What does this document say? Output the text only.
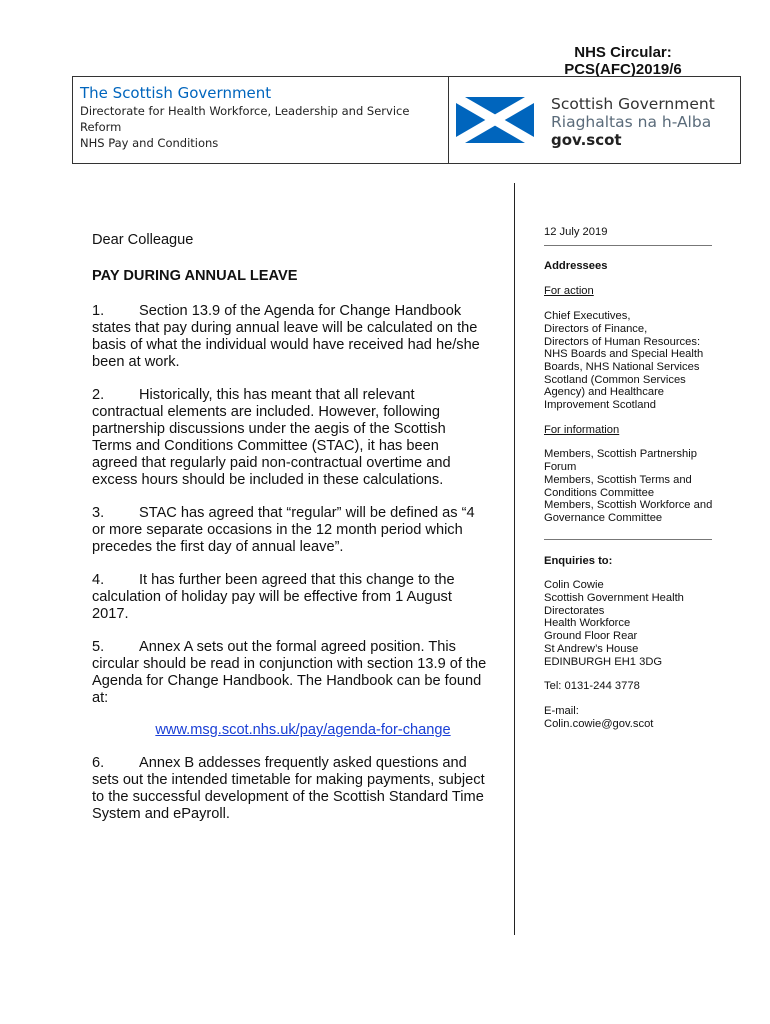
NHS Circular:
PCS(AFC)2019/6
The Scottish Government
Directorate for Health Workforce, Leadership and Service
Reform
NHS Pay and Conditions
Scottish Government
Riaghaltas na h-Alba
gov.scot
Dear Colleague
PAY DURING ANNUAL LEAVE
1. Section 13.9 of the Agenda for Change Handbook states that pay during annual leave will be calculated on the basis of what the individual would have received had he/she been at work.
2. Historically, this has meant that all relevant contractual elements are included. However, following partnership discussions under the aegis of the Scottish Terms and Conditions Committee (STAC), it has been agreed that regularly paid non-contractual overtime and excess hours should be included in these calculations.
3. STAC has agreed that “regular” will be defined as “4 or more separate occasions in the 12 month period which precedes the first day of annual leave”.
4. It has further been agreed that this change to the calculation of holiday pay will be effective from 1 August 2017.
5. Annex A sets out the formal agreed position. This circular should be read in conjunction with section 13.9 of the Agenda for Change Handbook. The Handbook can be found at:
www.msg.scot.nhs.uk/pay/agenda-for-change
6. Annex B addesses frequently asked questions and sets out the intended timetable for making payments, subject to the successful development of the Scottish Standard Time System and ePayroll.
12 July 2019
Addressees
For action
Chief Executives,
Directors of Finance,
Directors of Human Resources:
NHS Boards and Special Health
Boards, NHS National Services
Scotland (Common Services
Agency) and Healthcare
Improvement Scotland
For information
Members, Scottish Partnership
Forum
Members, Scottish Terms and
Conditions Committee
Members, Scottish Workforce and
Governance Committee
Enquiries to:
Colin Cowie
Scottish Government Health
Directorates
Health Workforce
Ground Floor Rear
St Andrew’s House
EDINBURGH EH1 3DG
Tel: 0131-244 3778
E-mail:
Colin.cowie@gov.scot
